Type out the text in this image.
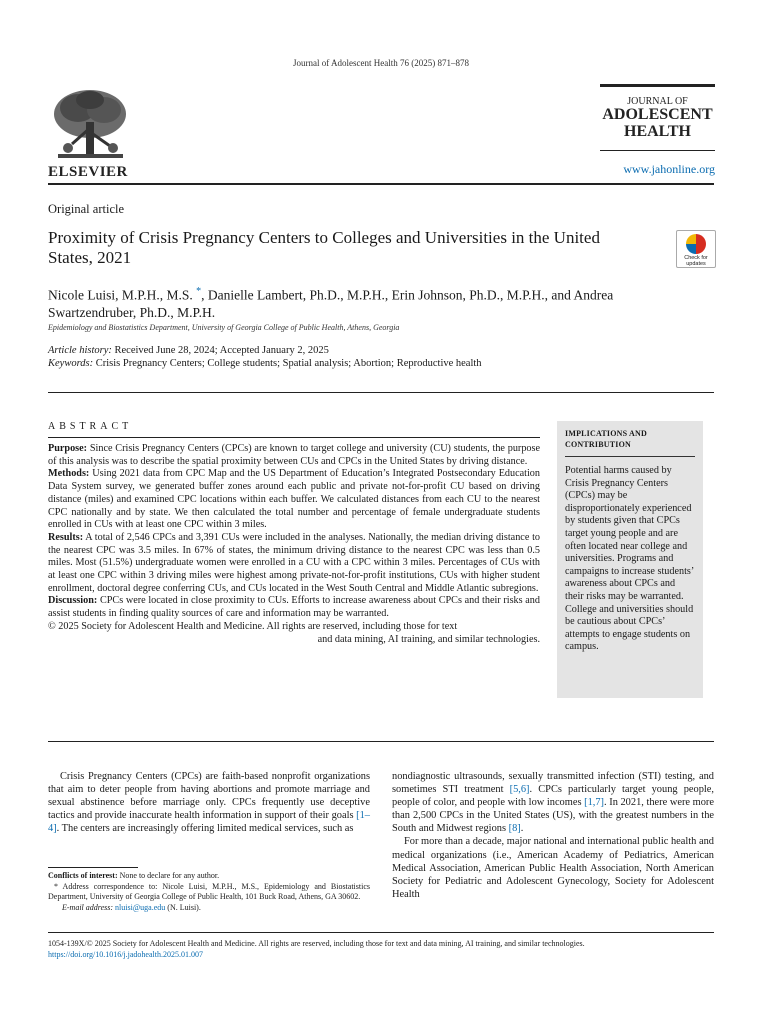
Journal of Adolescent Health 76 (2025) 871–878
ELSEVIER
JOURNAL OF
ADOLESCENT
HEALTH
www.jahonline.org
Original article
Proximity of Crisis Pregnancy Centers to Colleges and Universities in the United States, 2021	Check for updates
Nicole Luisi, M.P.H., M.S. *, Danielle Lambert, Ph.D., M.P.H., Erin Johnson, Ph.D., M.P.H., and Andrea Swartzendruber, Ph.D., M.P.H.
Epidemiology and Biostatistics Department, University of Georgia College of Public Health, Athens, Georgia
Article history: Received June 28, 2024; Accepted January 2, 2025
Keywords: Crisis Pregnancy Centers; College students; Spatial analysis; Abortion; Reproductive health
ABSTRACT
Purpose: Since Crisis Pregnancy Centers (CPCs) are known to target college and university (CU) students, the purpose of this analysis was to describe the spatial proximity between CUs and CPCs in the United States by driving distance.
Methods: Using 2021 data from CPC Map and the US Department of Education’s Integrated Postsecondary Education Data System survey, we generated buffer zones around each public and private not-for-profit CU based on driving distance (miles) and examined CPC locations within each buffer. We calculated distances from each CU to the nearest CPC nationally and by state. We then calculated the total number and percentage of female undergraduate students enrolled in CUs with at least one CPC within 3 miles.
Results: A total of 2,546 CPCs and 3,391 CUs were included in the analyses. Nationally, the median driving distance to the nearest CPC was 3.5 miles. In 67% of states, the minimum driving distance to the nearest CPC was less than 0.5 miles. Most (51.5%) undergraduate women were enrolled in a CU with a CPC within 3 miles. Percentages of CUs with at least one CPC within 3 driving miles were highest among private-not-for-profit institutions, CUs with higher student enrollment, doctoral degree conferring CUs, and CUs located in the West South Central and Middle Atlantic subregions.
Discussion: CPCs were located in close proximity to CUs. Efforts to increase awareness about CPCs and their risks and assist students in finding quality sources of care and information may be warranted.
© 2025 Society for Adolescent Health and Medicine. All rights are reserved, including those for text
and data mining, AI training, and similar technologies.
IMPLICATIONS AND CONTRIBUTION
Potential harms caused by Crisis Pregnancy Centers (CPCs) may be disproportionately experienced by students given that CPCs target young people and are often located near college and universities. Programs and campaigns to increase students’ awareness about CPCs and their risks may be warranted. College and universities should be cautious about CPCs’ attempts to engage students on campus.
Crisis Pregnancy Centers (CPCs) are faith-based nonprofit organizations that aim to deter people from having abortions and promote marriage and sexual abstinence before marriage only. CPCs frequently use deceptive tactics and provide inaccurate health information in support of their goals [1–4]. The centers are increasingly offering limited medical services, such as
nondiagnostic ultrasounds, sexually transmitted infection (STI) testing, and sometimes STI treatment [5,6]. CPCs particularly target young people, people of color, and people with low incomes [1,7]. In 2021, there were more than 2,500 CPCs in the United States (US), with the greatest numbers in the South and Midwest regions [8].
For more than a decade, major national and international public health and medical organizations (i.e., American Academy of Pediatrics, American Medical Association, American Public Health Association, North American Society for Pediatric and Adolescent Gynecology, Society for Adolescent Health
Conflicts of interest: None to declare for any author.
* Address correspondence to: Nicole Luisi, M.P.H., M.S., Epidemiology and Biostatistics Department, University of Georgia College of Public Health, 101 Buck Road, Athens, GA 30602.
E-mail address: nluisi@uga.edu (N. Luisi).
1054-139X/© 2025 Society for Adolescent Health and Medicine. All rights are reserved, including those for text and data mining, AI training, and similar technologies.
https://doi.org/10.1016/j.jadohealth.2025.01.007
